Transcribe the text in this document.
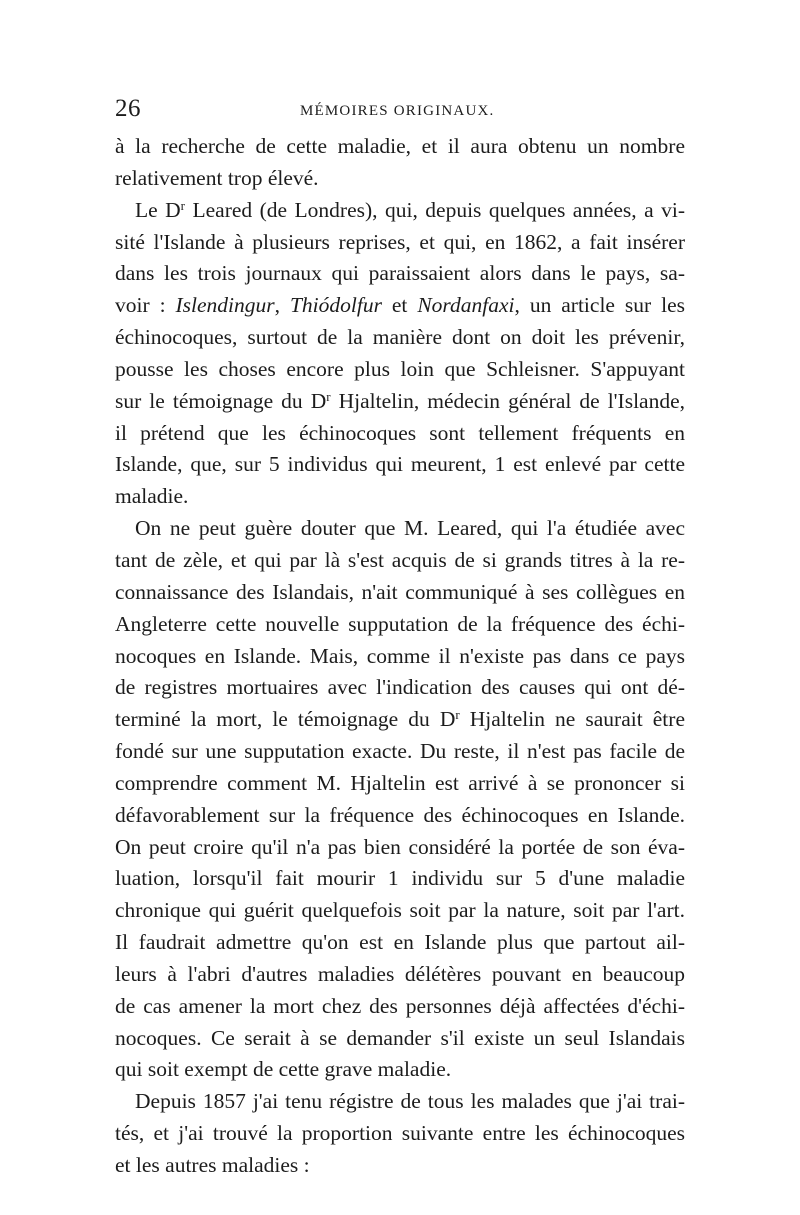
26	MÉMOIRES ORIGINAUX.
à la recherche de cette maladie, et il aura obtenu un nombre
relativement trop élevé.
Le $D^r$ Leared (de Londres), qui, depuis quelques années, a vi-
sité l'Islande à plusieurs reprises, et qui, en 1862, a fait insérer
dans les trois journaux qui paraissaient alors dans le pays, sa-
voir : Islendingur, Thiódolfur et Nordanfaxi, un article sur les
échinocoques, surtout de la manière dont on doit les prévenir,
pousse les choses encore plus loin que Schleisner. S'appuyant
sur le témoignage du $D^r$ Hjaltelin, médecin général de l'Islande,
il prétend que les échinocoques sont tellement fréquents en
Islande, que, sur 5 individus qui meurent, 1 est enlevé par cette
maladie.
On ne peut guère douter que M. Leared, qui l'a étudiée avec
tant de zèle, et qui par là s'est acquis de si grands titres à la re-
connaissance des Islandais, n'ait communiqué à ses collègues en
Angleterre cette nouvelle supputation de la fréquence des échi-
nocoques en Islande. Mais, comme il n'existe pas dans ce pays
de registres mortuaires avec l'indication des causes qui ont dé-
terminé la mort, le témoignage du $D^r$ Hjaltelin ne saurait être
fondé sur une supputation exacte. Du reste, il n'est pas facile de
comprendre comment M. Hjaltelin est arrivé à se prononcer si
défavorablement sur la fréquence des échinocoques en Islande.
On peut croire qu'il n'a pas bien considéré la portée de son éva-
luation, lorsqu'il fait mourir 1 individu sur 5 d'une maladie
chronique qui guérit quelquefois soit par la nature, soit par l'art.
Il faudrait admettre qu'on est en Islande plus que partout ail-
leurs à l'abri d'autres maladies délétères pouvant en beaucoup
de cas amener la mort chez des personnes déjà affectées d'échi-
nocoques. Ce serait à se demander s'il existe un seul Islandais
qui soit exempt de cette grave maladie.
Depuis 1857 j'ai tenu régistre de tous les malades que j'ai trai-
tés, et j'ai trouvé la proportion suivante entre les échinocoques
et les autres maladies :
